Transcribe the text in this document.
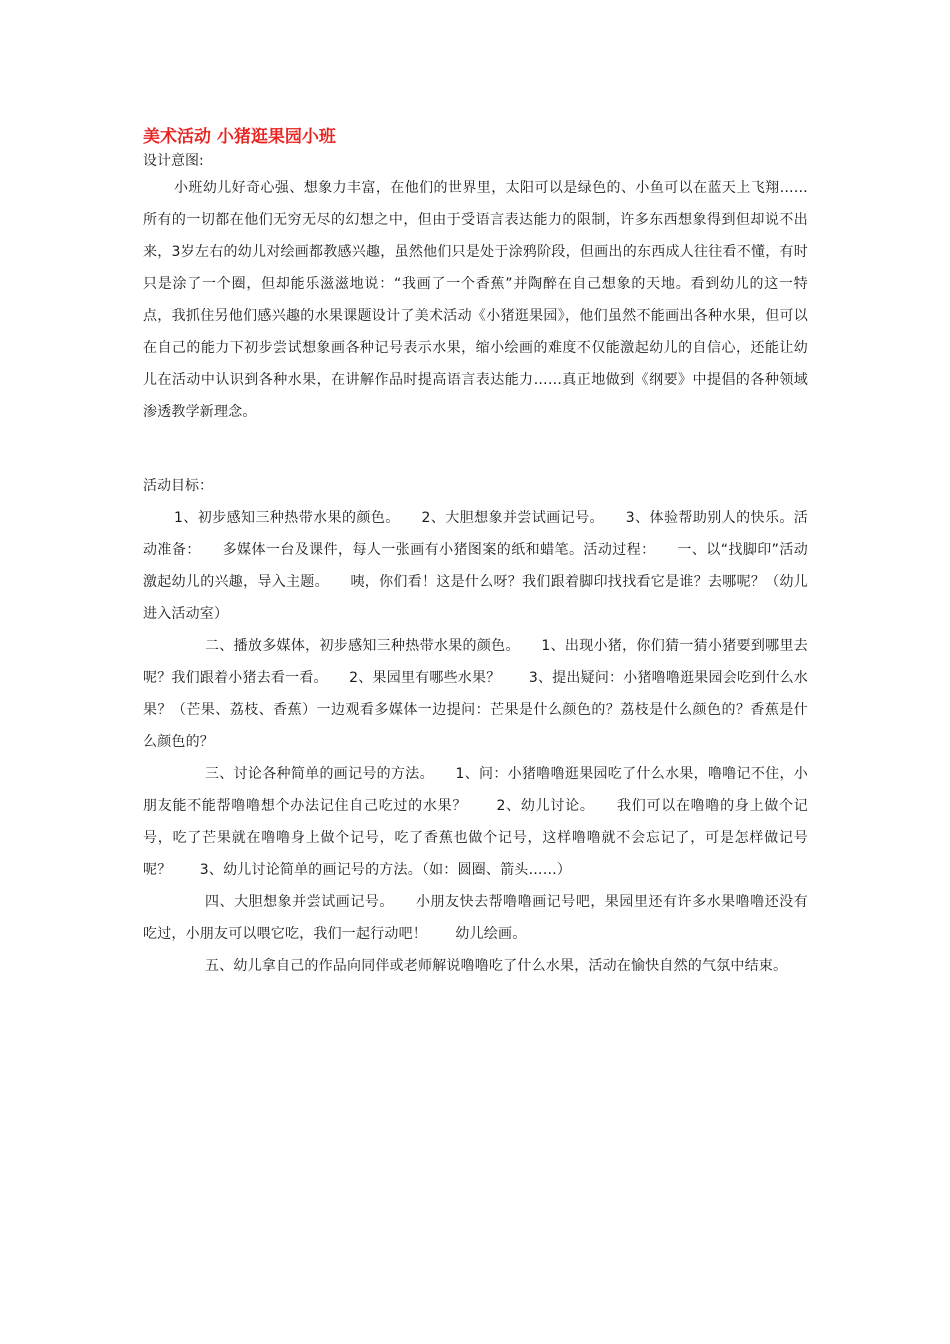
美术活动 小猪逛果园小班

设计意图:

小班幼儿好奇心强、想象力丰富，在他们的世界里，太阳可以是绿色的、小鱼可以在蓝天上飞翔……所有的一切都在他们无穷无尽的幻想之中，但由于受语言表达能力的限制，许多东西想象得到但却说不出来，3岁左右的幼儿对绘画都教感兴趣，虽然他们只是处于涂鸦阶段，但画出的东西成人往往看不懂，有时只是涂了一个圈，但却能乐滋滋地说：“我画了一个香蕉”并陶醉在自己想象的天地。看到幼儿的这一特点，我抓住另他们感兴趣的水果课题设计了美术活动《小猪逛果园》，他们虽然不能画出各种水果，但可以在自己的能力下初步尝试想象画各种记号表示水果，缩小绘画的难度不仅能激起幼儿的自信心，还能让幼儿在活动中认识到各种水果，在讲解作品时提高语言表达能力……真正地做到《纲要》中提倡的各种领域渗透教学新理念。

活动目标：

1、初步感知三种热带水果的颜色。　　2、大胆想象并尝试画记号。　　3、体验帮助别人的快乐。活动准备：　　多媒体一台及课件，每人一张画有小猪图案的纸和蜡笔。活动过程：　　一、以“找脚印”活动激起幼儿的兴趣，导入主题。　　咦，你们看！这是什么呀？我们跟着脚印找找看它是谁？去哪呢？（幼儿进入活动室）

二、播放多媒体，初步感知三种热带水果的颜色。　　1、出现小猪，你们猜一猜小猪要到哪里去呢？我们跟着小猪去看一看。　　2、果园里有哪些水果？　　3、提出疑问：小猪噜噜逛果园会吃到什么水果？（芒果、荔枝、香蕉）一边观看多媒体一边提问：芒果是什么颜色的？荔枝是什么颜色的？香蕉是什么颜色的？

三、讨论各种简单的画记号的方法。　　1、问：小猪噜噜逛果园吃了什么水果，噜噜记不住，小朋友能不能帮噜噜想个办法记住自己吃过的水果？　　2、幼儿讨论。　　我们可以在噜噜的身上做个记号，吃了芒果就在噜噜身上做个记号，吃了香蕉也做个记号，这样噜噜就不会忘记了，可是怎样做记号呢？　　3、幼儿讨论简单的画记号的方法。（如：圆圈、箭头……）

四、大胆想象并尝试画记号。　　小朋友快去帮噜噜画记号吧，果园里还有许多水果噜噜还没有吃过，小朋友可以喂它吃，我们一起行动吧！　　幼儿绘画。

五、幼儿拿自己的作品向同伴或老师解说噜噜吃了什么水果，活动在愉快自然的气氛中结束。
